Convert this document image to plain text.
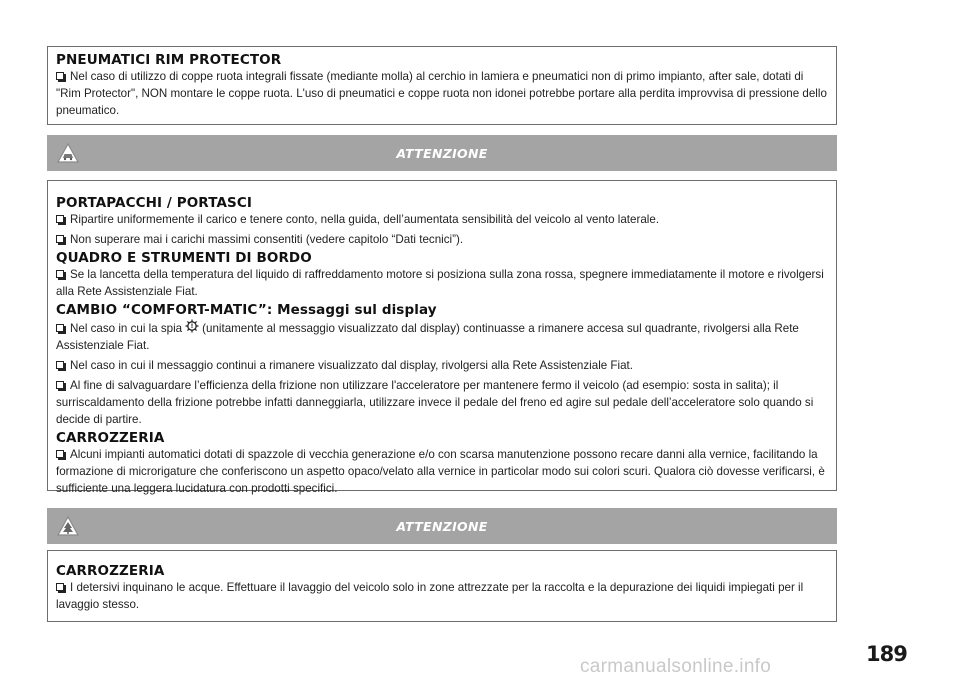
PNEUMATICI RIM PROTECTOR

Nel caso di utilizzo di coppe ruota integrali fissate (mediante molla) al cerchio in lamiera e pneumatici non di primo impianto, after sale, dotati di "Rim Protector", NON montare le coppe ruota. L'uso di pneumatici e coppe ruota non idonei potrebbe portare alla perdita improvvisa di pressione dello pneumatico.

ATTENZIONE
PORTAPACCHI / PORTASCI

Ripartire uniformemente il carico e tenere conto, nella guida, dell’aumentata sensibilità del veicolo al vento laterale.

Non superare mai i carichi massimi consentiti (vedere capitolo “Dati tecnici”).

QUADRO E STRUMENTI DI BORDO

Se la lancetta della temperatura del liquido di raffreddamento motore si posiziona sulla zona rossa, spegnere immediatamente il motore e rivolgersi alla Rete Assistenziale Fiat.

CAMBIO “COMFORT-MATIC”: Messaggi sul display

Nel caso in cui la spia ! (unitamente al messaggio visualizzato dal display) continuasse a rimanere accesa sul quadrante, rivolgersi alla Rete Assistenziale Fiat.

Nel caso in cui il messaggio continui a rimanere visualizzato dal display, rivolgersi alla Rete Assistenziale Fiat.

Al fine di salvaguardare l’efficienza della frizione non utilizzare l'acceleratore per mantenere fermo il veicolo (ad esempio: sosta in salita); il surriscaldamento della frizione potrebbe infatti danneggiarla, utilizzare invece il pedale del freno ed agire sul pedale dell’acceleratore solo quando si decide di partire.

CARROZZERIA

Alcuni impianti automatici dotati di spazzole di vecchia generazione e/o con scarsa manutenzione possono recare danni alla vernice, facilitando la formazione di microrigature che conferiscono un aspetto opaco/velato alla vernice in particolar modo sui colori scuri. Qualora ciò dovesse verificarsi, è sufficiente una leggera lucidatura con prodotti specifici.

ATTENZIONE
CARROZZERIA

I detersivi inquinano le acque. Effettuare il lavaggio del veicolo solo in zone attrezzate per la raccolta e la depurazione dei liquidi impiegati per il lavaggio stesso.

189
carmanualsonline.info
